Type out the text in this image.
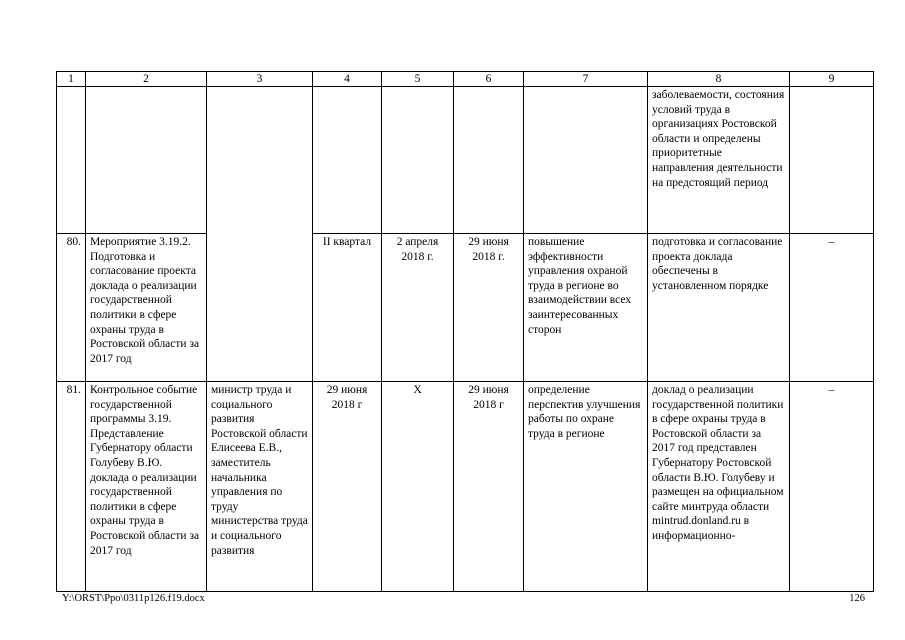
1	2	3	4	5	6	7	8	9
							заболеваемости, состояния условий труда в организациях Ростовской области и определены приоритетные направления деятельности на предстоящий период	
80.	Мероприятие 3.19.2. Подготовка и согласование проекта доклада о реализации государственной политики в сфере охраны труда в Ростовской области за 2017 год		II квартал	2 апреля 2018 г.	29 июня 2018 г.	повышение эффективности управления охраной труда в регионе во взаимодействии всех заинтересованных сторон	подготовка и согласование проекта доклада обеспечены в установленном порядке	–
81.	Контрольное событие государственной программы 3.19. Представление Губернатору области Голубеву В.Ю. доклада о реализации государственной политики в сфере охраны труда в Ростовской области за 2017 год	министр труда и социального развития Ростовской области Елисеева Е.В., заместитель начальника управления по труду министерства труда и социального развития	29 июня 2018 г	Х	29 июня 2018 г	определение перспектив улучшения работы по охране труда в регионе	доклад о реализации государственной политики в сфере охраны труда в Ростовской области за 2017 год представлен Губернатору Ростовской области В.Ю. Голубеву и размещен на официальном сайте минтруда области mintrud.donland.ru в информационно-	–
Y:\ORST\Ppo\0311p126.f19.docx	126
